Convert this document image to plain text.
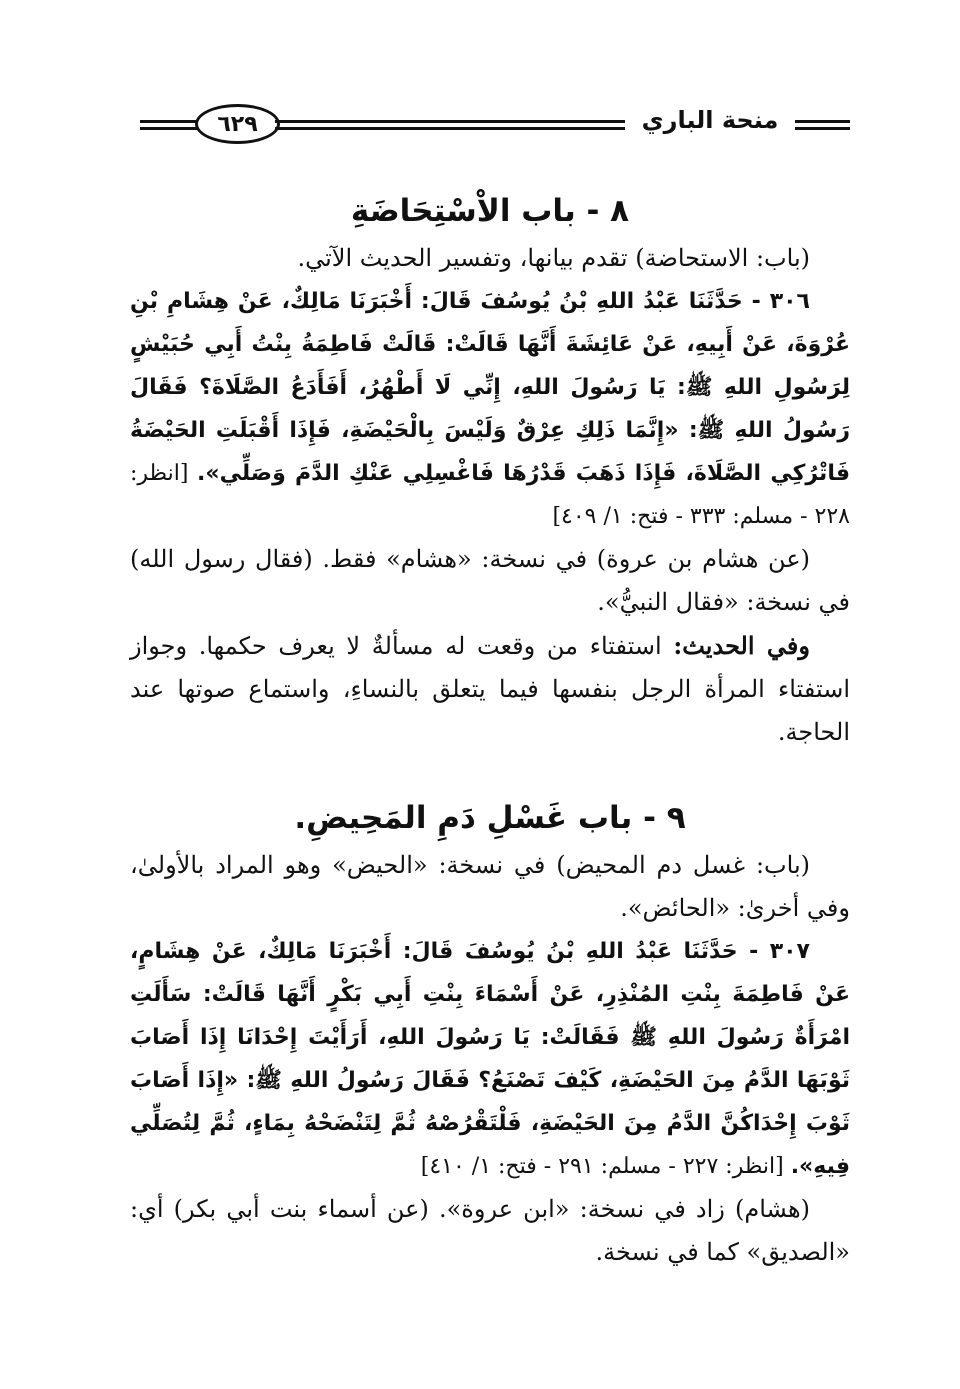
٦٢٩	منحة الباري
٨ - باب الاْسْتِحَاضَةِ

(باب: الاستحاضة) تقدم بيانها، وتفسير الحديث الآتي.

٣٠٦ - حَدَّثَنَا عَبْدُ اللهِ بْنُ يُوسُفَ قَالَ: أَخْبَرَنَا مَالِكٌ، عَنْ هِشَامِ بْنِ عُرْوَةَ، عَنْ أَبِيهِ، عَنْ عَائِشَةَ أَنَّهَا قَالَتْ: قَالَتْ فَاطِمَةُ بِنْتُ أَبِي حُبَيْشٍ لِرَسُولِ اللهِ ﷺ: يَا رَسُولَ اللهِ، إِنِّي لَا أَطْهُرُ، أَفَأَدَعُ الصَّلَاةَ؟ فَقَالَ رَسُولُ اللهِ ﷺ: «إِنَّمَا ذَلِكِ عِرْقٌ وَلَيْسَ بِالْحَيْضَةِ، فَإِذَا أَقْبَلَتِ الحَيْضَةُ فَاتْرُكِي الصَّلَاةَ، فَإِذَا ذَهَبَ قَدْرُهَا فَاغْسِلِي عَنْكِ الدَّمَ وَصَلِّي». [انظر: ٢٢٨ - مسلم: ٣٣٣ - فتح: ١/ ٤٠٩]

(عن هشام بن عروة) في نسخة: «هشام» فقط. (فقال رسول الله) في نسخة: «فقال النبيُّ».

وفي الحديث: استفتاء من وقعت له مسألةٌ لا يعرف حكمها. وجواز استفتاء المرأة الرجل بنفسها فيما يتعلق بالنساءِ، واستماع صوتها عند الحاجة.

٩ - باب غَسْلِ دَمِ المَحِيضِ.

(باب: غسل دم المحيض) في نسخة: «الحيض» وهو المراد بالأولىٰ، وفي أخرىٰ: «الحائض».

٣٠٧ - حَدَّثَنَا عَبْدُ اللهِ بْنُ يُوسُفَ قَالَ: أَخْبَرَنَا مَالِكٌ، عَنْ هِشَامٍ، عَنْ فَاطِمَةَ بِنْتِ المُنْذِرِ، عَنْ أَسْمَاءَ بِنْتِ أَبِي بَكْرٍ أَنَّهَا قَالَتْ: سَأَلَتِ امْرَأَةٌ رَسُولَ اللهِ ﷺ فَقَالَتْ: يَا رَسُولَ اللهِ، أَرَأَيْتَ إِحْدَانَا إِذَا أَصَابَ ثَوْبَهَا الدَّمُ مِنَ الحَيْضَةِ، كَيْفَ تَصْنَعُ؟ فَقَالَ رَسُولُ اللهِ ﷺ: «إِذَا أَصَابَ ثَوْبَ إِحْدَاكُنَّ الدَّمُ مِنَ الحَيْضَةِ، فَلْتَقْرُصْهُ ثُمَّ لِتَنْضَحْهُ بِمَاءٍ، ثُمَّ لِتُصَلِّي فِيهِ». [انظر: ٢٢٧ - مسلم: ٢٩١ - فتح: ١/ ٤١٠]

(هشام) زاد في نسخة: «ابن عروة». (عن أسماء بنت أبي بكر) أي: «الصديق» كما في نسخة.
